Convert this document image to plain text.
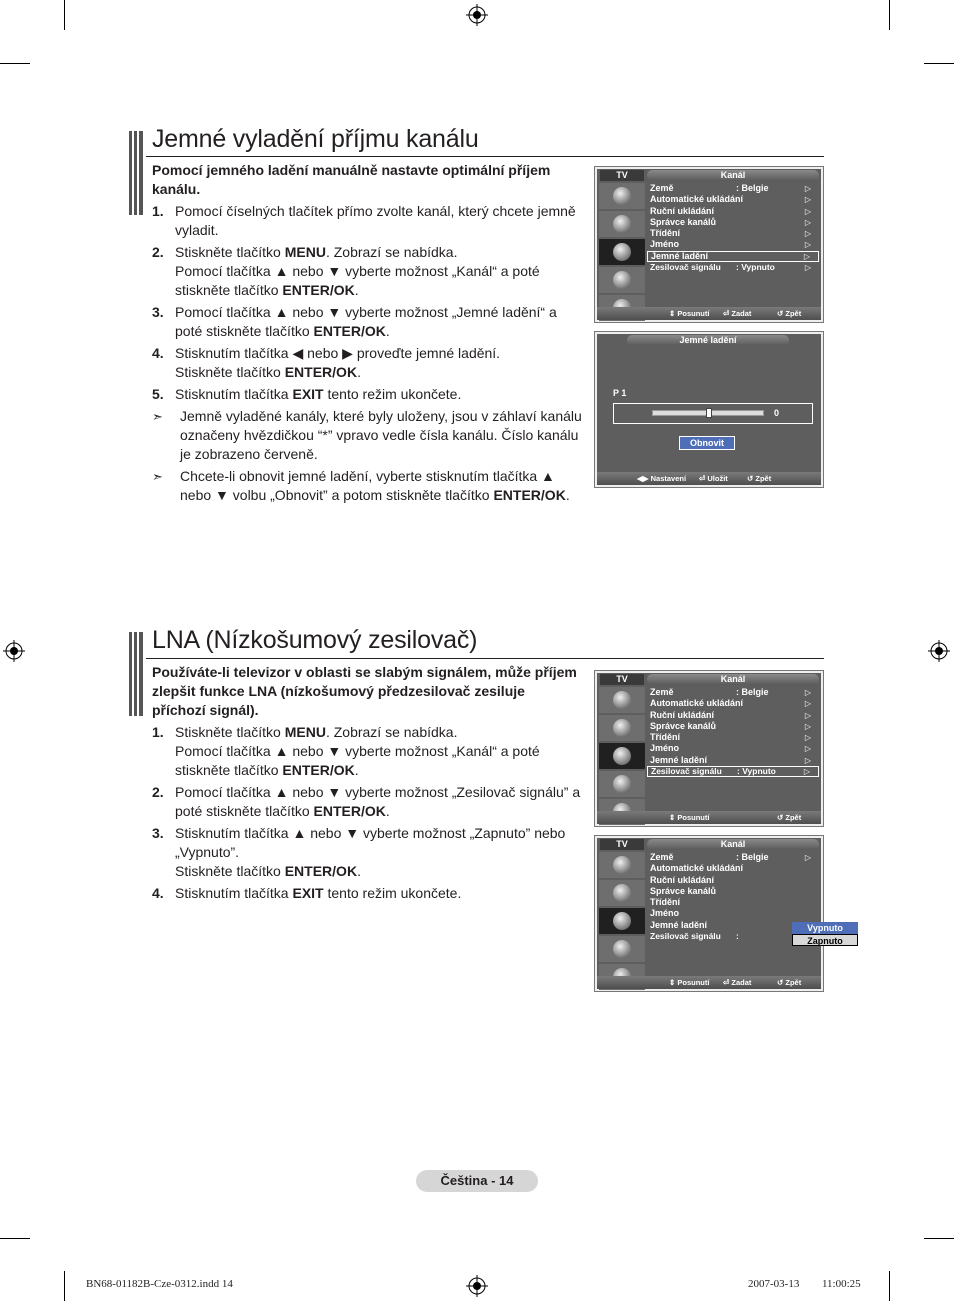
Jemné vyladění příjmu kanálu

Pomocí jemného ladění manuálně nastavte optimální příjem kanálu.

1. Pomocí číselných tlačítek přímo zvolte kanál, který chcete jemně vyladit.
2. Stiskněte tlačítko MENU. Zobrazí se nabídka.
Pomocí tlačítka ▲ nebo ▼ vyberte možnost „Kanál“ a poté stiskněte tlačítko ENTER/OK.
3. Pomocí tlačítka ▲ nebo ▼ vyberte možnost „Jemné ladění“ a poté stiskněte tlačítko ENTER/OK.
4. Stisknutím tlačítka ◀ nebo ▶ proveďte jemné ladění.
Stiskněte tlačítko ENTER/OK.
5. Stisknutím tlačítka EXIT tento režim ukončete.
➣	Jemně vyladěné kanály, které byly uloženy, jsou v záhlaví kanálu označeny hvězdičkou “*” vpravo vedle čísla kanálu. Číslo kanálu je zobrazeno červeně.
➣	Chcete-li obnovit jemné ladění, vyberte stisknutím tlačítka ▲ nebo ▼ volbu „Obnovit” a potom stiskněte tlačítko ENTER/OK.
TV	Kanál
Země	: Belgie	▷
Automatické ukládání	▷
Ruční ukládání	▷
Správce kanálů	▷
Třídění	▷
Jméno	▷
Jemné ladění	▷
Zesilovač signálu : Vypnuto	▷
⇕ Posunutí ⏎ Zadat	↺ Zpět
Jemné ladění
P 1
0
Obnovit
◀▶ Nastavení ⏎ Uložit	↺ Zpět
LNA (Nízkošumový zesilovač)

Používáte-li televizor v oblasti se slabým signálem, může příjem zlepšit funkce LNA (nízkošumový předzesilovač zesiluje příchozí signál).

1. Stiskněte tlačítko MENU. Zobrazí se nabídka.
Pomocí tlačítka ▲ nebo ▼ vyberte možnost „Kanál“ a poté stiskněte tlačítko ENTER/OK.
2. Pomocí tlačítka ▲ nebo ▼ vyberte možnost „Zesilovač signálu” a poté stiskněte tlačítko ENTER/OK.
3. Stisknutím tlačítka ▲ nebo ▼ vyberte možnost „Zapnuto” nebo „Vypnuto”.
Stiskněte tlačítko ENTER/OK.
4. Stisknutím tlačítka EXIT tento režim ukončete.
TV	Kanál
Země	: Belgie	▷
Automatické ukládání	▷
Ruční ukládání	▷
Správce kanálů	▷
Třídění	▷
Jméno	▷
Jemné ladění	▷
Zesilovač signálu : Vypnuto	▷
⇕ Posunutí	↺ Zpět
TV	Kanál
Země	: Belgie	▷
Automatické ukládání
Ruční ukládání
Správce kanálů
Třídění
Jméno
Jemné ladění
Zesilovač signálu :
Vypnuto
Zapnuto
⇕ Posunutí ⏎ Zadat	↺ Zpět
Čeština - 14
BN68-01182B-Cze-0312.indd 14	2007-03-13 ￿￿ 11:00:25
